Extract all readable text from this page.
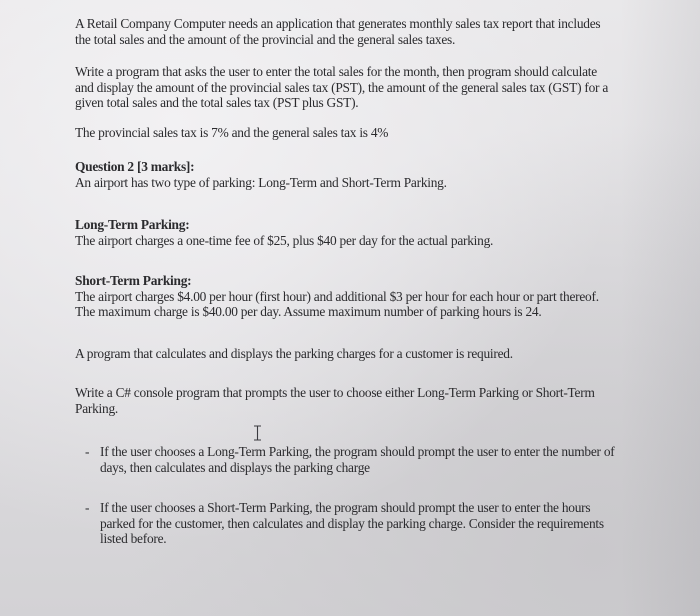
A Retail Company Computer needs an application that generates monthly sales tax report that includes
the total sales and the amount of the provincial and the general sales taxes.
Write a program that asks the user to enter the total sales for the month, then program should calculate
and display the amount of the provincial sales tax (PST), the amount of the general sales tax (GST) for a
given total sales and the total sales tax (PST plus GST).
The provincial sales tax is 7% and the general sales tax is 4%
Question 2 [3 marks]:
An airport has two type of parking: Long-Term and Short-Term Parking.
Long-Term Parking:
The airport charges a one-time fee of $25, plus $40 per day for the actual parking.
Short-Term Parking:
The airport charges $4.00 per hour (first hour) and additional $3 per hour for each hour or part thereof.
The maximum charge is $40.00 per day. Assume maximum number of parking hours is 24.
A program that calculates and displays the parking charges for a customer is required.
Write a C# console program that prompts the user to choose either Long-Term Parking or Short-Term
Parking.
- If the user chooses a Long-Term Parking, the program should prompt the user to enter the number of
days, then calculates and displays the parking charge
- If the user chooses a Short-Term Parking, the program should prompt the user to enter the hours
parked for the customer, then calculates and display the parking charge. Consider the requirements
listed before.
